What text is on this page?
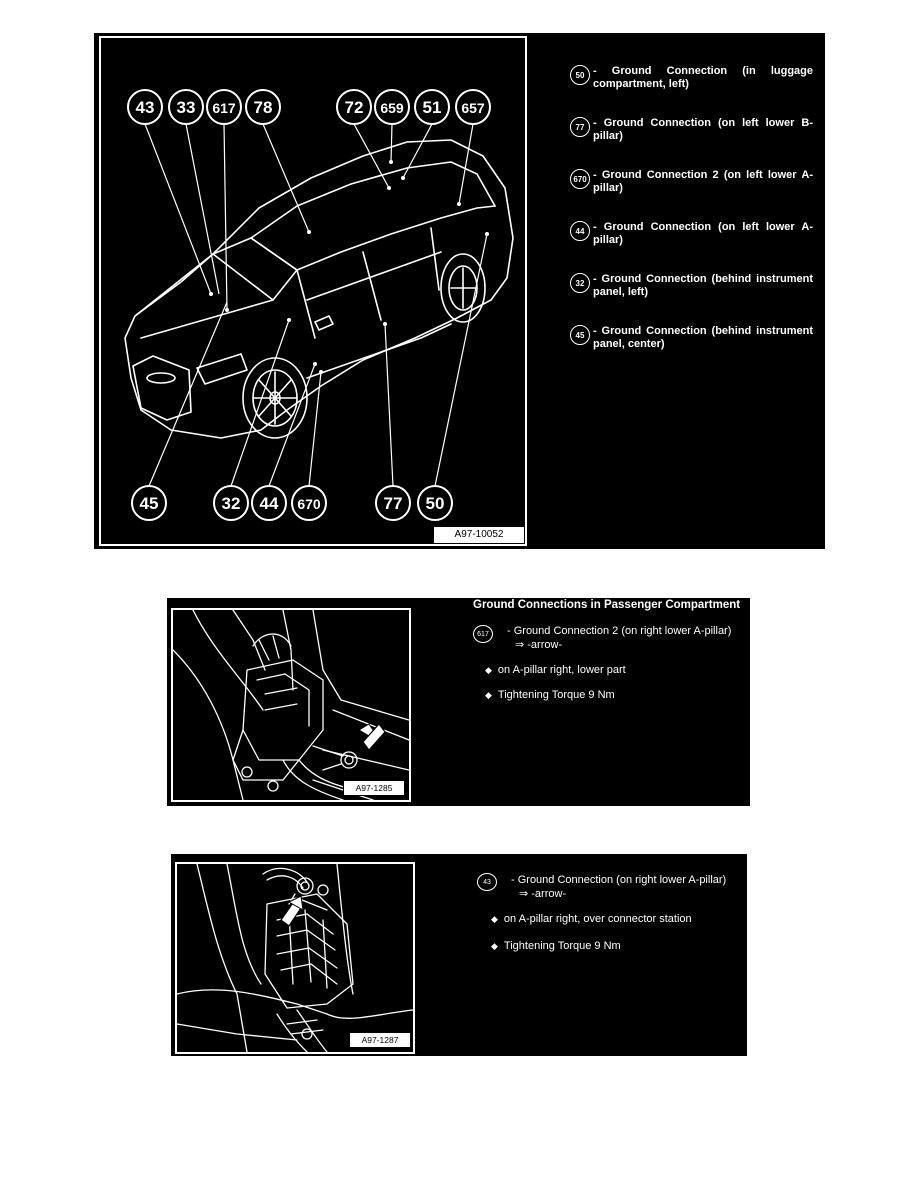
43 33 617 78	72 659 51 657
45	32 44 670	77 50
A97-10052
50 - Ground Connection (in luggage compartment, left)
77 - Ground Connection (on left lower B-pillar)
670 - Ground Connection 2 (on left lower A-pillar)
44 - Ground Connection (on left lower A-pillar)
32 - Ground Connection (behind instrument panel, left)
45 - Ground Connection (behind instrument panel, center)
A97-1285
Ground Connections in Passenger Compartment
617	- Ground Connection 2 (on right lower A-pillar)
⇒ -arrow-
◆ on A-pillar right, lower part
◆ Tightening Torque 9 Nm
A97-1287
43	- Ground Connection (on right lower A-pillar)
⇒ -arrow-
◆ on A-pillar right, over connector station
◆ Tightening Torque 9 Nm
